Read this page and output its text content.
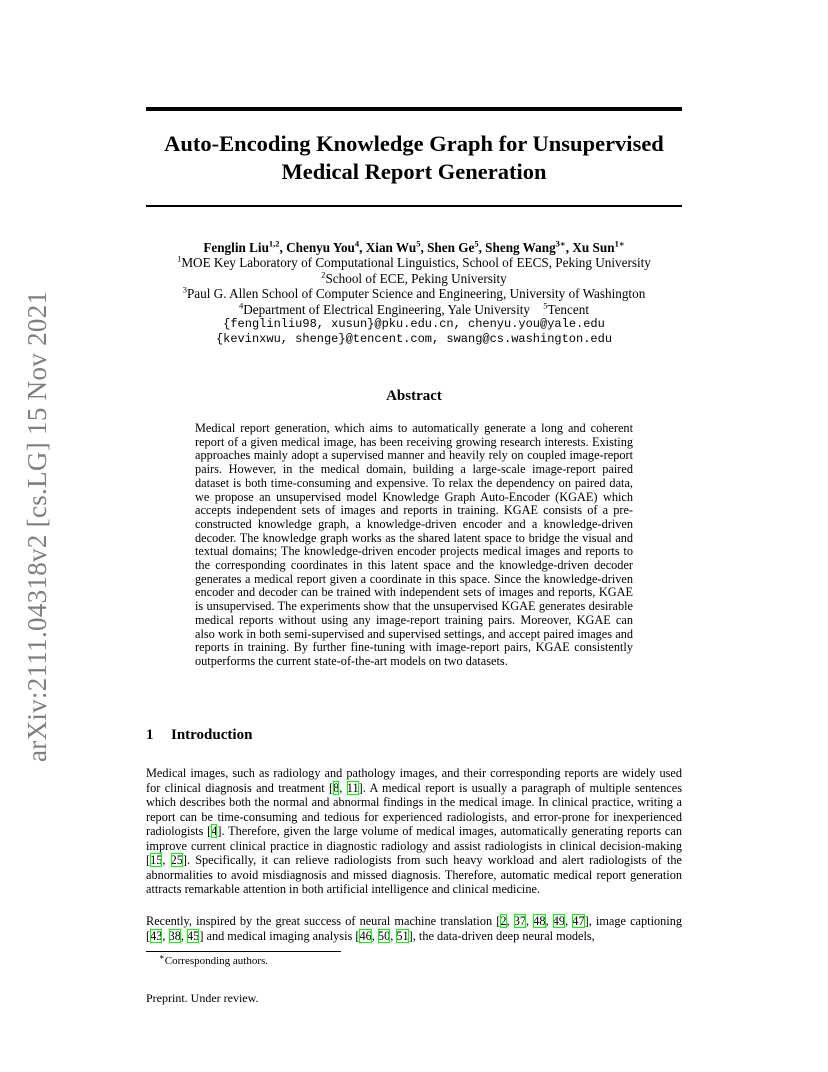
arXiv:2111.04318v2 [cs.LG] 15 Nov 2021
Auto-Encoding Knowledge Graph for Unsupervised
Medical Report Generation
Fenglin Liu$^{1,2}$, Chenyu You$^4$, Xian Wu$^5$, Shen Ge$^5$, Sheng Wang$^{3∗}$, Xu Sun$^{1∗}$
$^1$MOE Key Laboratory of Computational Linguistics, School of EECS, Peking University
$^2$School of ECE, Peking University
$^3$Paul G. Allen School of Computer Science and Engineering, University of Washington
$^4$Department of Electrical Engineering, Yale University $^5$Tencent
{fenglinliu98, xusun}@pku.edu.cn, chenyu.you@yale.edu
{kevinxwu, shenge}@tencent.com, swang@cs.washington.edu
Abstract
Medical report generation, which aims to automatically generate a long and coherent report of a given medical image, has been receiving growing research interests. Existing approaches mainly adopt a supervised manner and heavily rely on coupled image-report pairs. However, in the medical domain, building a large-scale image-report paired dataset is both time-consuming and expensive. To relax the dependency on paired data, we propose an unsupervised model Knowledge Graph Auto-Encoder (KGAE) which accepts independent sets of images and reports in training. KGAE consists of a pre-constructed knowledge graph, a knowledge-driven encoder and a knowledge-driven decoder. The knowledge graph works as the shared latent space to bridge the visual and textual domains; The knowledge-driven encoder projects medical images and reports to the corresponding coordinates in this latent space and the knowledge-driven decoder generates a medical report given a coordinate in this space. Since the knowledge-driven encoder and decoder can be trained with independent sets of images and reports, KGAE is unsupervised. The experiments show that the unsupervised KGAE generates desirable medical reports without using any image-report training pairs. Moreover, KGAE can also work in both semi-supervised and supervised settings, and accept paired images and reports in training. By further fine-tuning with image-report pairs, KGAE consistently outperforms the current state-of-the-art models on two datasets.
1 Introduction
Medical images, such as radiology and pathology images, and their corresponding reports are widely used for clinical diagnosis and treatment [8, 11]. A medical report is usually a paragraph of multiple sentences which describes both the normal and abnormal findings in the medical image. In clinical practice, writing a report can be time-consuming and tedious for experienced radiologists, and error-prone for inexperienced radiologists [4]. Therefore, given the large volume of medical images, automatically generating reports can improve current clinical practice in diagnostic radiology and assist radiologists in clinical decision-making [15, 25]. Specifically, it can relieve radiologists from such heavy workload and alert radiologists of the abnormalities to avoid misdiagnosis and missed diagnosis. Therefore, automatic medical report generation attracts remarkable attention in both artificial intelligence and clinical medicine.
Recently, inspired by the great success of neural machine translation [2, 37, 48, 49, 47], image captioning [43, 38, 45] and medical imaging analysis [46, 50, 51], the data-driven deep neural models,
∗Corresponding authors.
Preprint. Under review.
